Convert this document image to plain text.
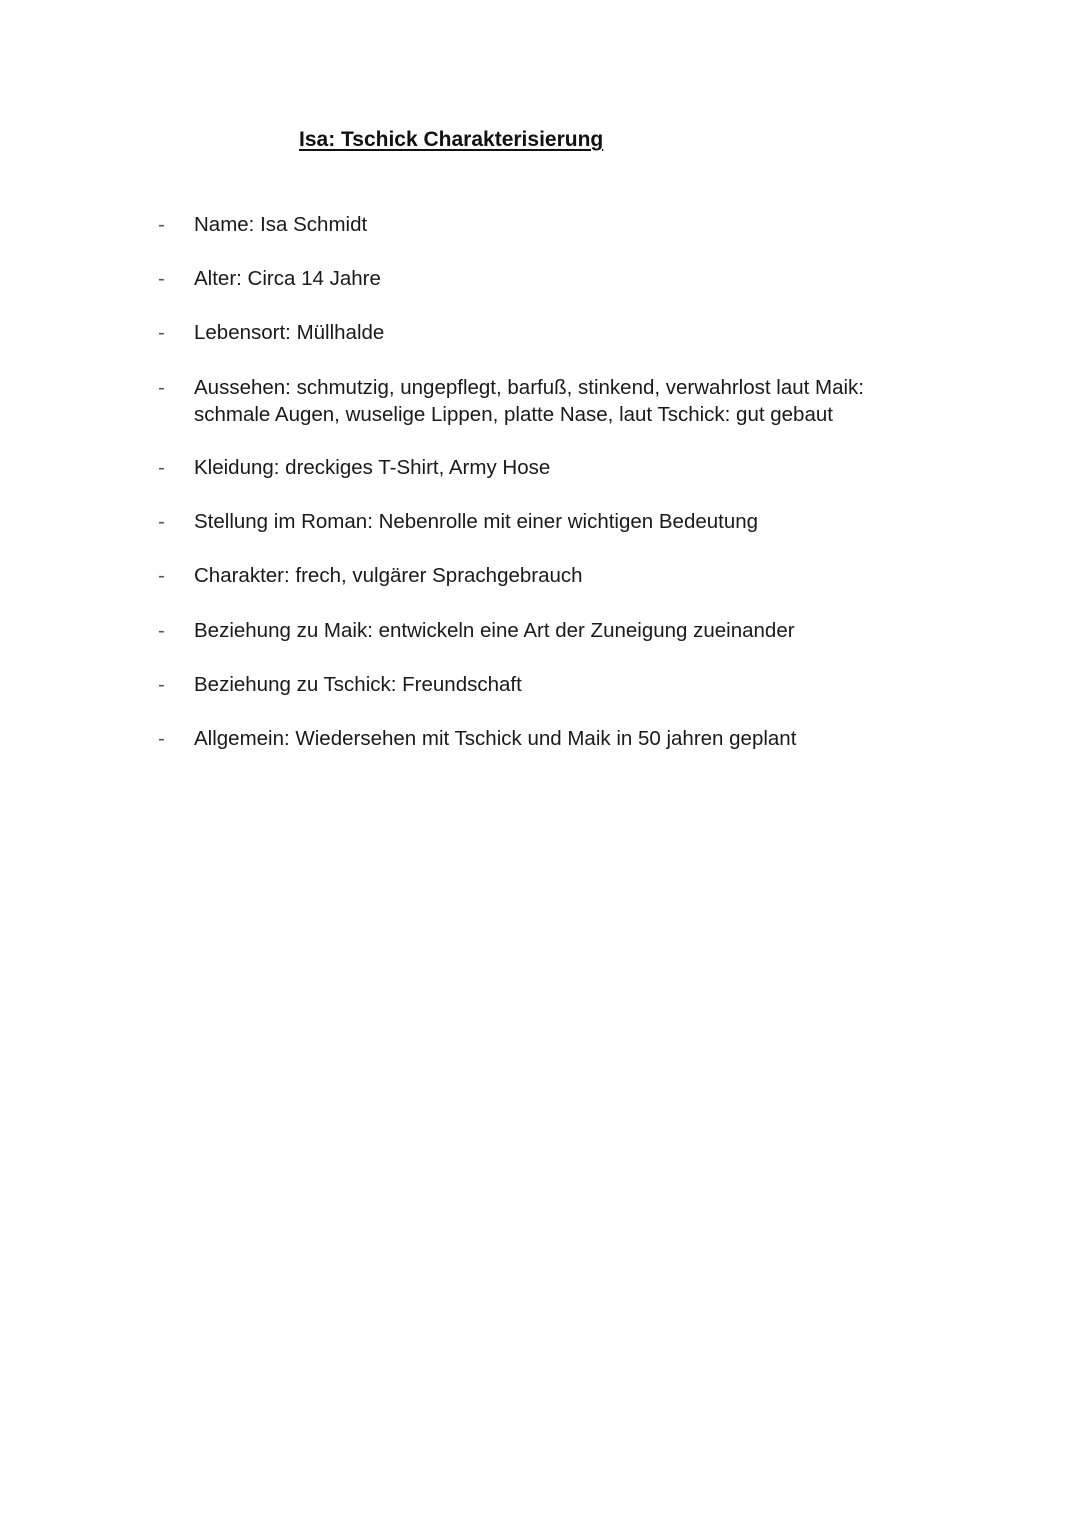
Isa: Tschick Charakterisierung
- Name: Isa Schmidt
- Alter: Circa 14 Jahre
- Lebensort: Müllhalde
- Aussehen: schmutzig, ungepflegt, barfuß, stinkend, verwahrlost laut Maik:
schmale Augen, wuselige Lippen, platte Nase, laut Tschick: gut gebaut
- Kleidung: dreckiges T-Shirt, Army Hose
- Stellung im Roman: Nebenrolle mit einer wichtigen Bedeutung
- Charakter: frech, vulgärer Sprachgebrauch
- Beziehung zu Maik: entwickeln eine Art der Zuneigung zueinander
- Beziehung zu Tschick: Freundschaft
- Allgemein: Wiedersehen mit Tschick und Maik in 50 jahren geplant
